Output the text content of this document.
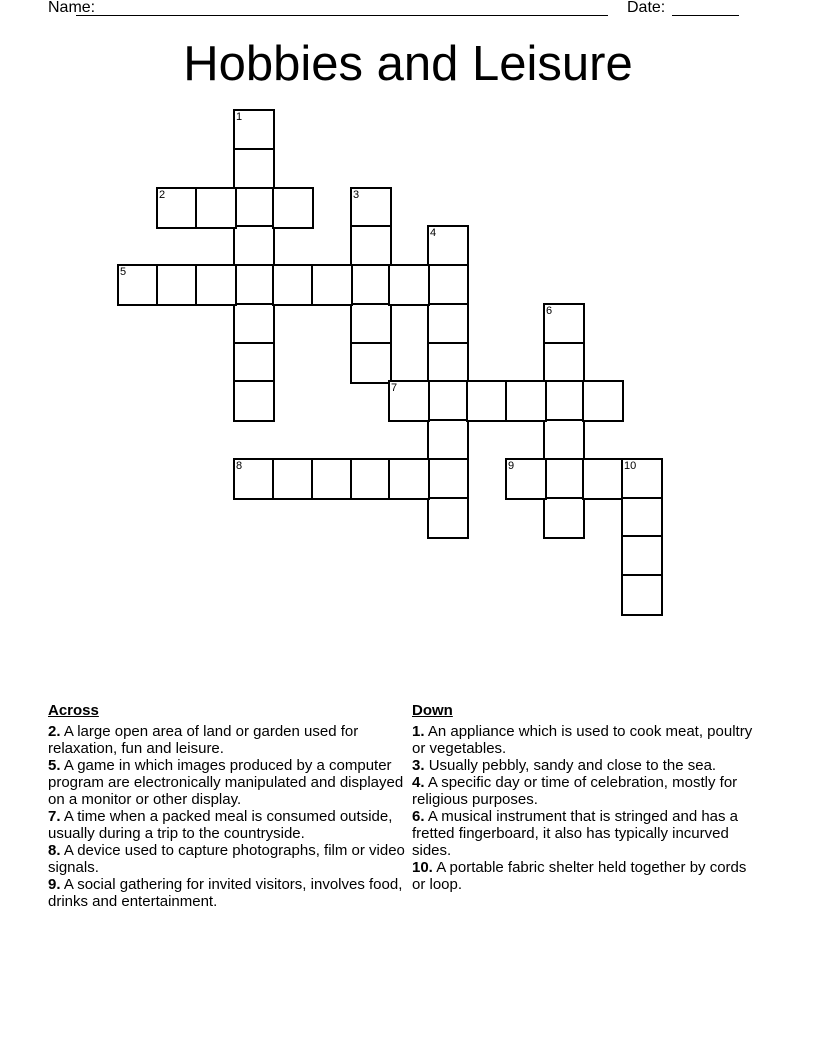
Name:	Date:
Hobbies and Leisure
1
2	3
4
5
6
7
8	9	10
Across

2. A large open area of land or garden used for relaxation, fun and leisure.

5. A game in which images produced by a computer program are electronically manipulated and displayed on a monitor or other display.

7. A time when a packed meal is consumed outside, usually during a trip to the countryside.

8. A device used to capture photographs, film or video signals.

9. A social gathering for invited visitors, involves food, drinks and entertainment.

Down

1. An appliance which is used to cook meat, poultry or vegetables.

3. Usually pebbly, sandy and close to the sea.

4. A specific day or time of celebration, mostly for religious purposes.

6. A musical instrument that is stringed and has a fretted fingerboard, it also has typically incurved sides.

10. A portable fabric shelter held together by cords or loop.
